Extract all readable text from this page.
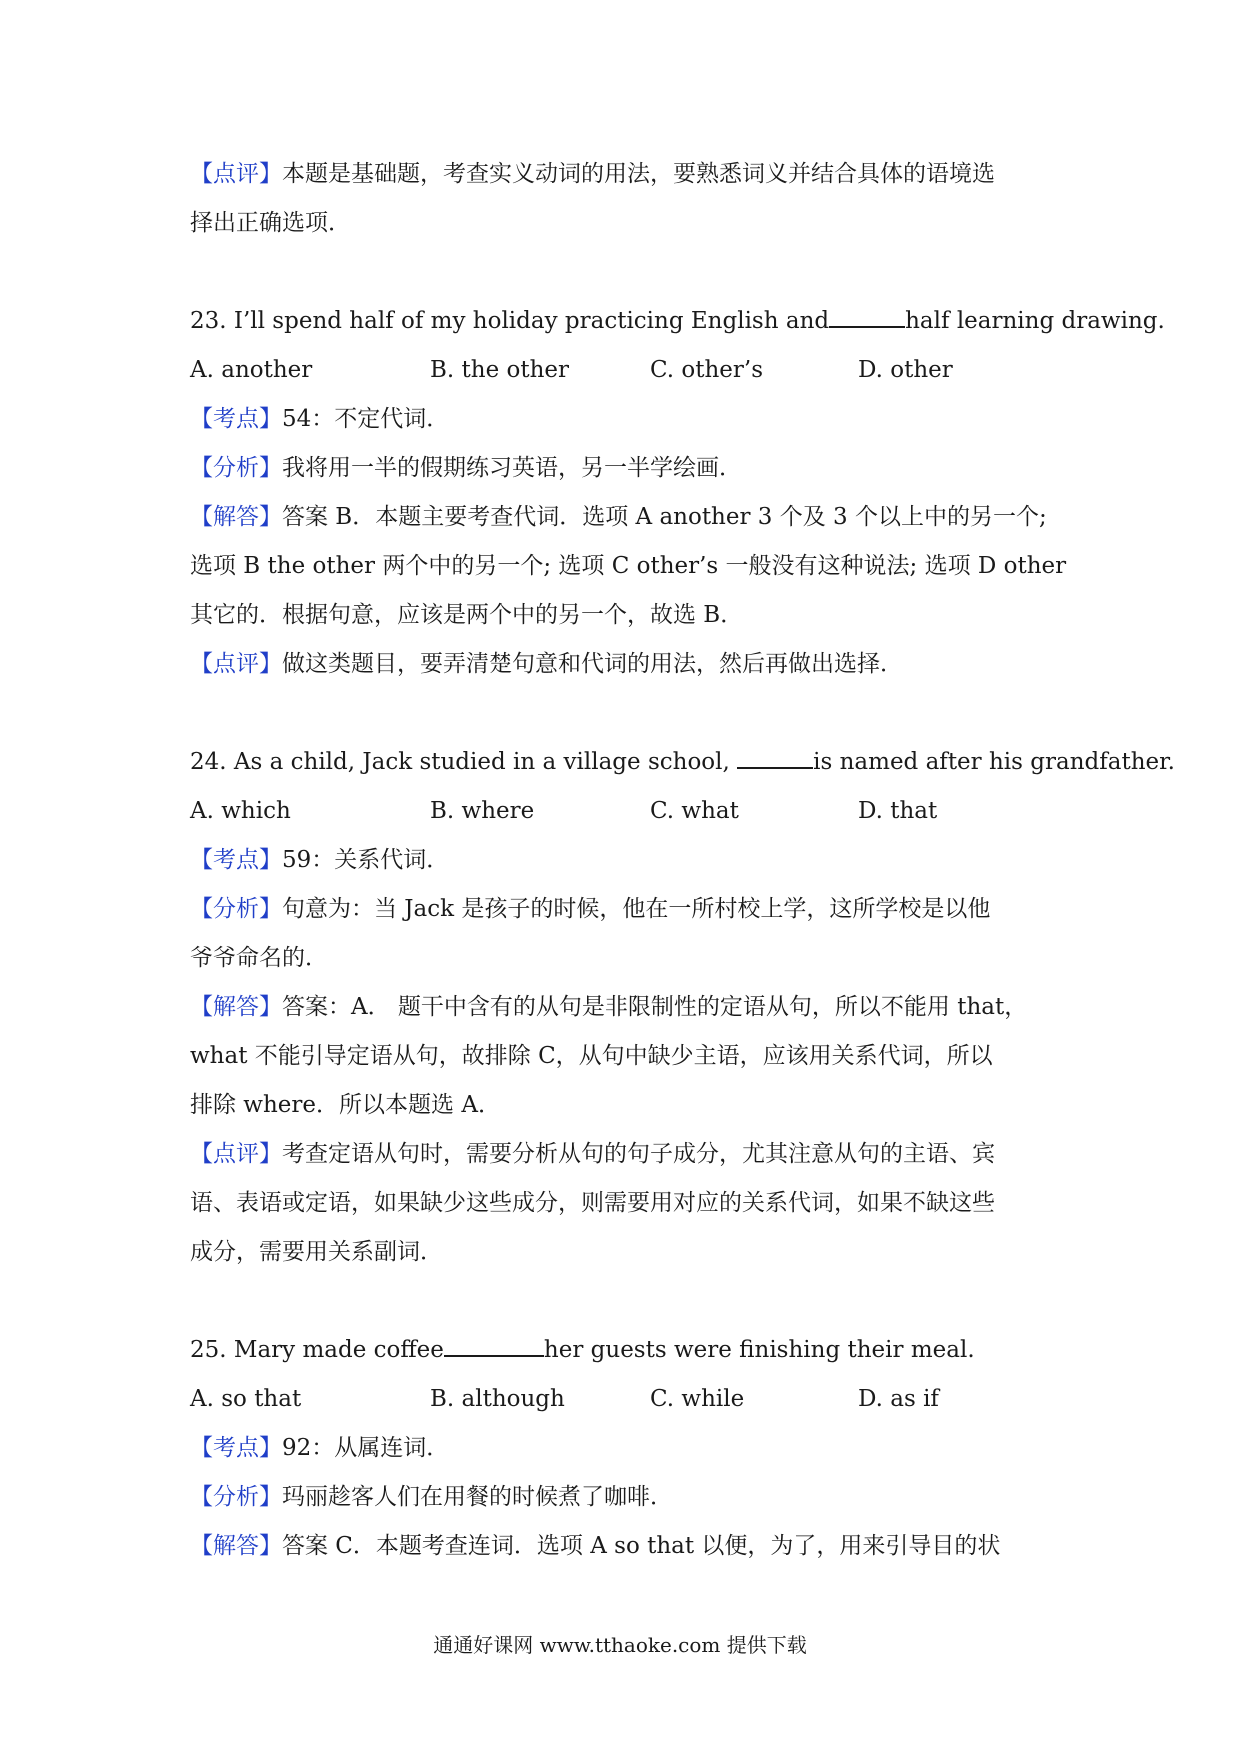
【点评】本题是基础题，考查实义动词的用法，要熟悉词义并结合具体的语境选
择出正确选项．
23. I’ll spend half of my holiday practicing English and	half learning drawing.
A. another	B. the other	C. other’s	D. other
【考点】54：不定代词．
【分析】我将用一半的假期练习英语，另一半学绘画．
【解答】答案 B．本题主要考查代词．选项 A another 3 个及 3 个以上中的另一个;
选项 B the other 两个中的另一个; 选项 C other’s 一般没有这种说法; 选项 D other
其它的．根据句意，应该是两个中的另一个，故选 B．
【点评】做这类题目，要弄清楚句意和代词的用法，然后再做出选择．
24. As a child, Jack studied in a village school,	is named after his grandfather.
A. which	B. where	C. what	D. that
【考点】59：关系代词．
【分析】句意为：当 Jack 是孩子的时候，他在一所村校上学，这所学校是以他
爷爷命名的．
【解答】答案：A． 题干中含有的从句是非限制性的定语从句，所以不能用 that，
what 不能引导定语从句，故排除 C，从句中缺少主语，应该用关系代词，所以
排除 where．所以本题选 A．
【点评】考查定语从句时，需要分析从句的句子成分，尤其注意从句的主语、宾
语、表语或定语，如果缺少这些成分，则需要用对应的关系代词，如果不缺这些
成分，需要用关系副词．
25. Mary made coffee	her guests were finishing their meal.
A. so that	B. although	C. while	D. as if
【考点】92：从属连词．
【分析】玛丽趁客人们在用餐的时候煮了咖啡．
【解答】答案 C．本题考查连词．选项 A so that 以便，为了，用来引导目的状
通通好课网 www.tthaoke.com 提供下载
